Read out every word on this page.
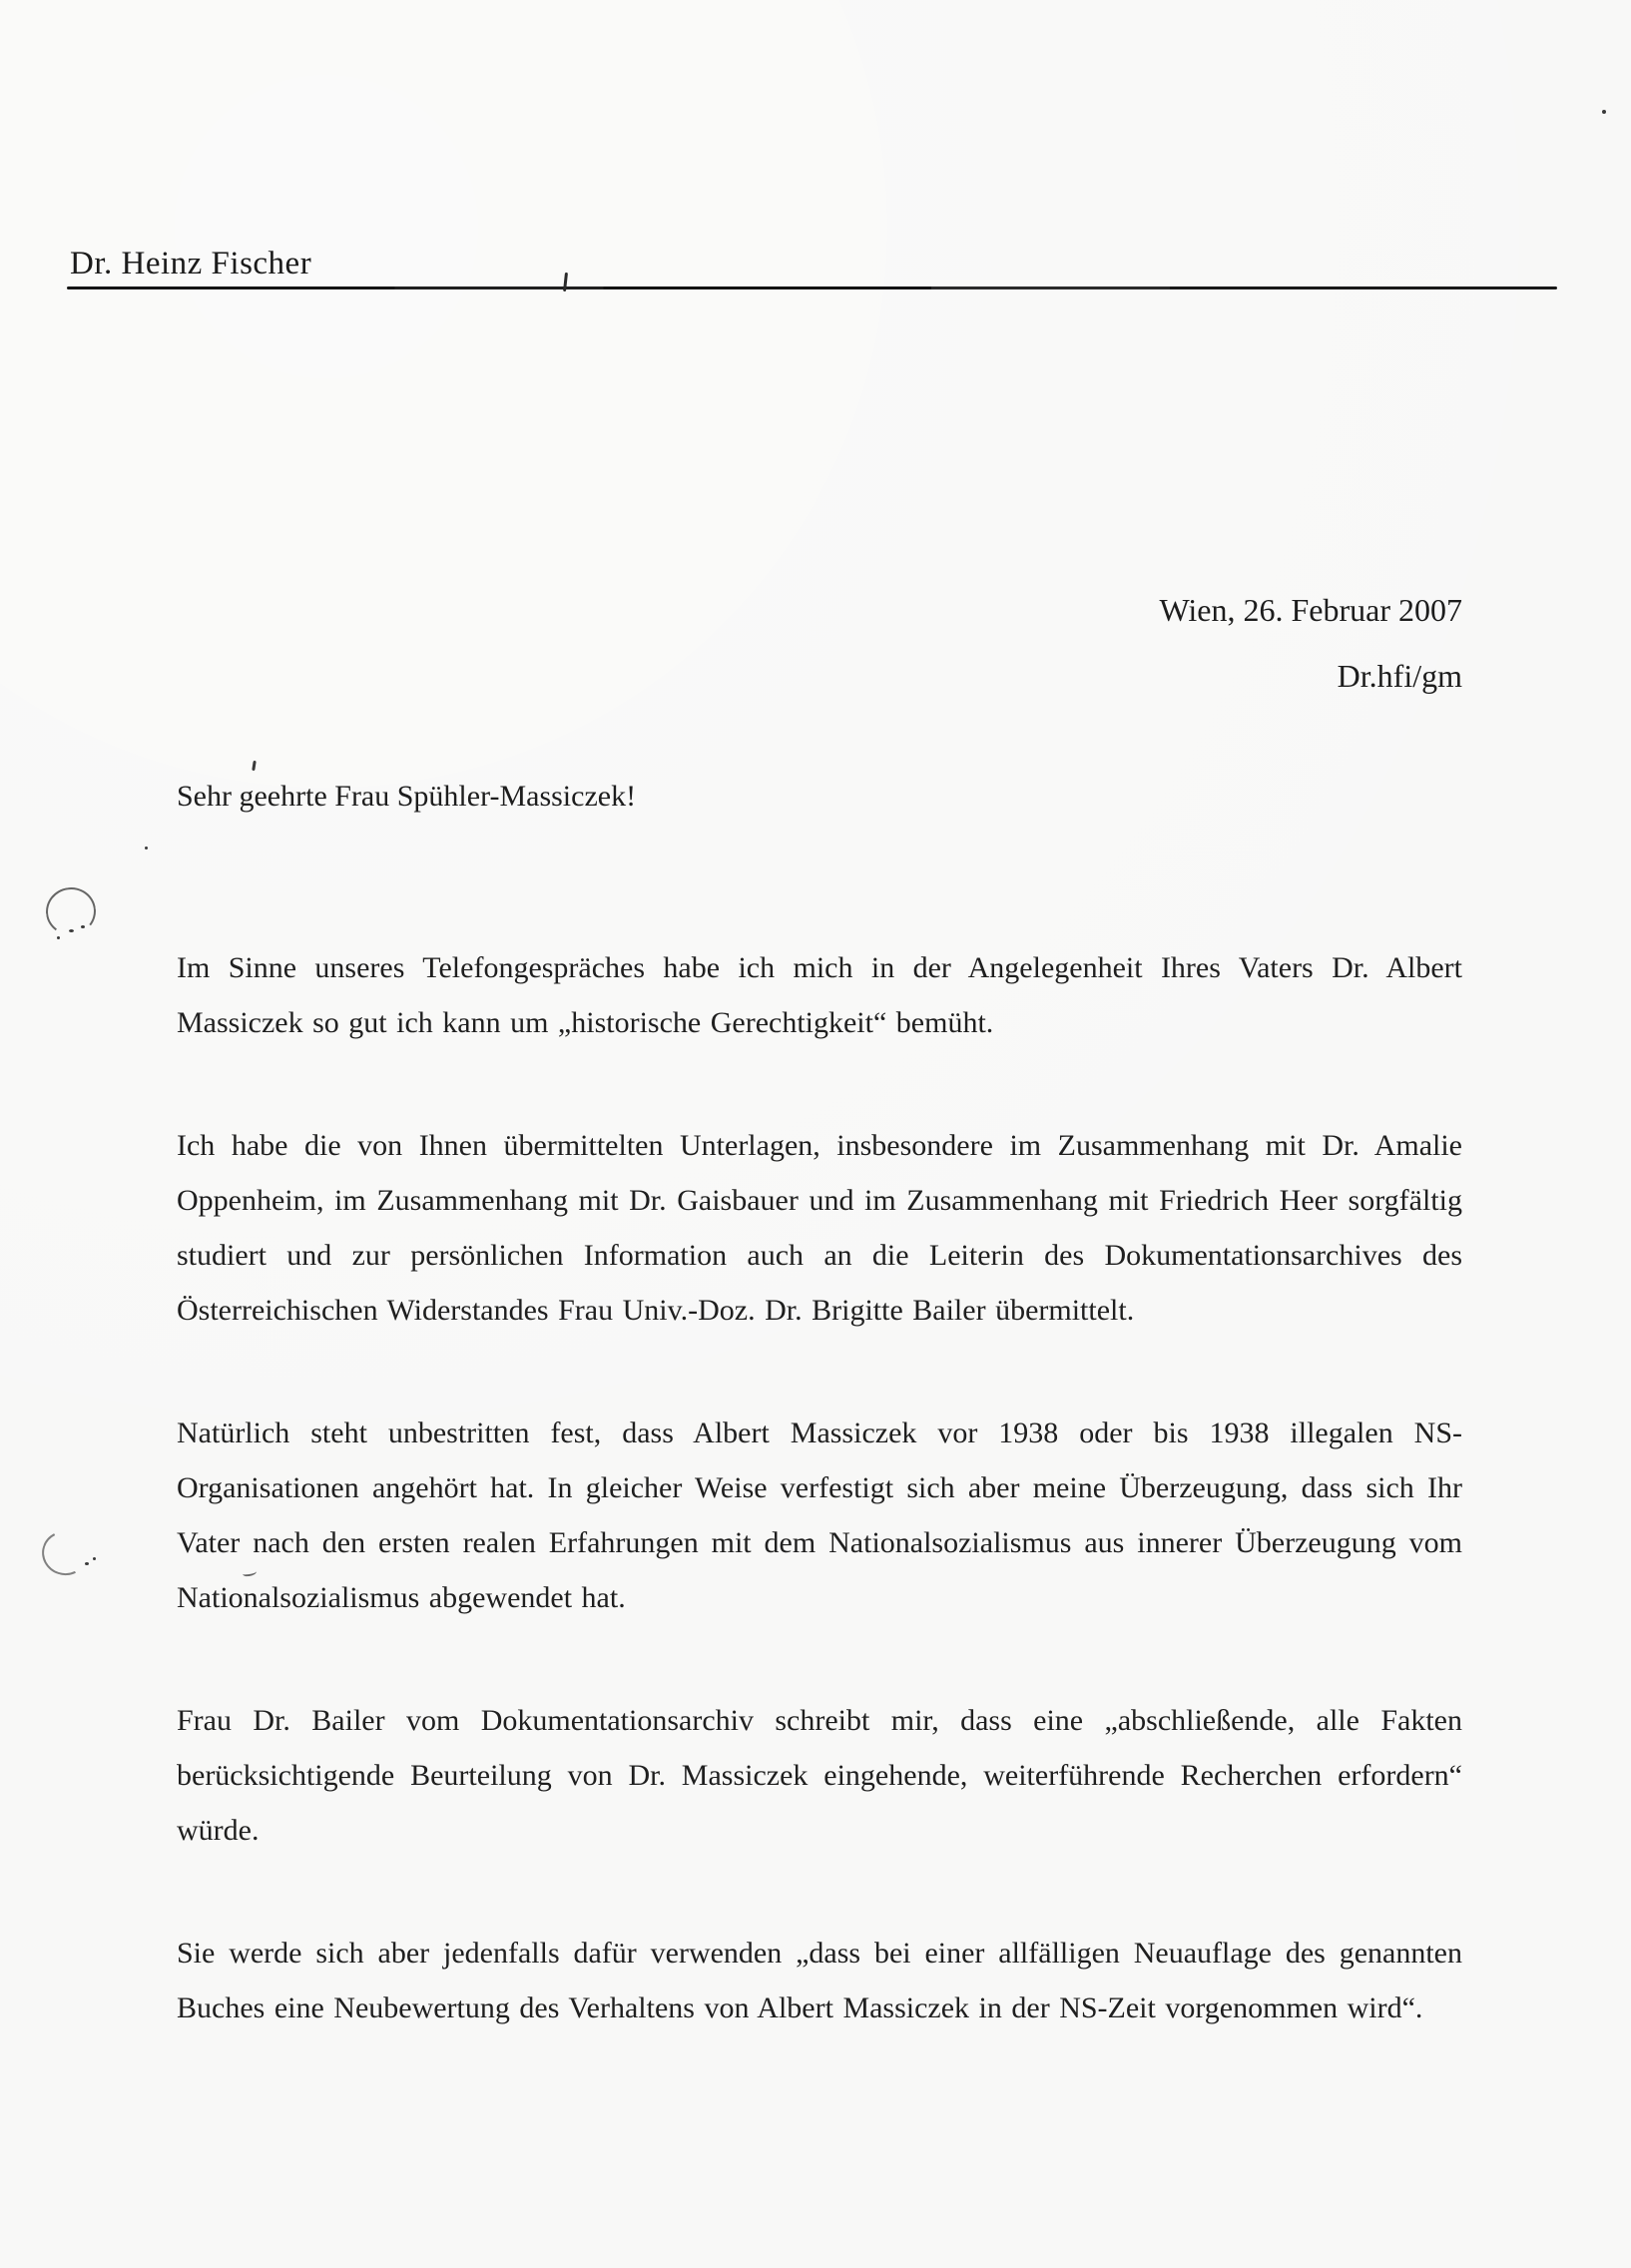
Dr. Heinz Fischer
Wien, 26. Februar 2007
Dr.hfi/gm
Sehr geehrte Frau Spühler-Massiczek!

Im Sinne unseres Telefongespräches habe ich mich in der Angelegenheit Ihres Vaters Dr. Albert Massiczek so gut ich kann um „historische Gerechtigkeit“ bemüht.

Ich habe die von Ihnen übermittelten Unterlagen, insbesondere im Zusammenhang mit Dr. Amalie Oppenheim, im Zusammenhang mit Dr. Gaisbauer und im Zusammenhang mit Friedrich Heer sorgfältig studiert und zur persönlichen Information auch an die Leiterin des Dokumentationsarchives des Österreichischen Widerstandes Frau Univ.-Doz. Dr. Brigitte Bailer übermittelt.

Natürlich steht unbestritten fest, dass Albert Massiczek vor 1938 oder bis 1938 illegalen NS-Organisationen angehört hat. In gleicher Weise verfestigt sich aber meine Überzeugung, dass sich Ihr Vater nach den ersten realen Erfahrungen mit dem Nationalsozialismus aus innerer Überzeugung vom Nationalsozialismus abgewendet hat.

Frau Dr. Bailer vom Dokumentationsarchiv schreibt mir, dass eine „abschließende, alle Fakten berücksichtigende Beurteilung von Dr. Massiczek eingehende, weiterführende Recherchen erfordern“ würde.

Sie werde sich aber jedenfalls dafür verwenden „dass bei einer allfälligen Neuauflage des genannten Buches eine Neubewertung des Verhaltens von Albert Massiczek in der NS-Zeit vorgenommen wird“.
